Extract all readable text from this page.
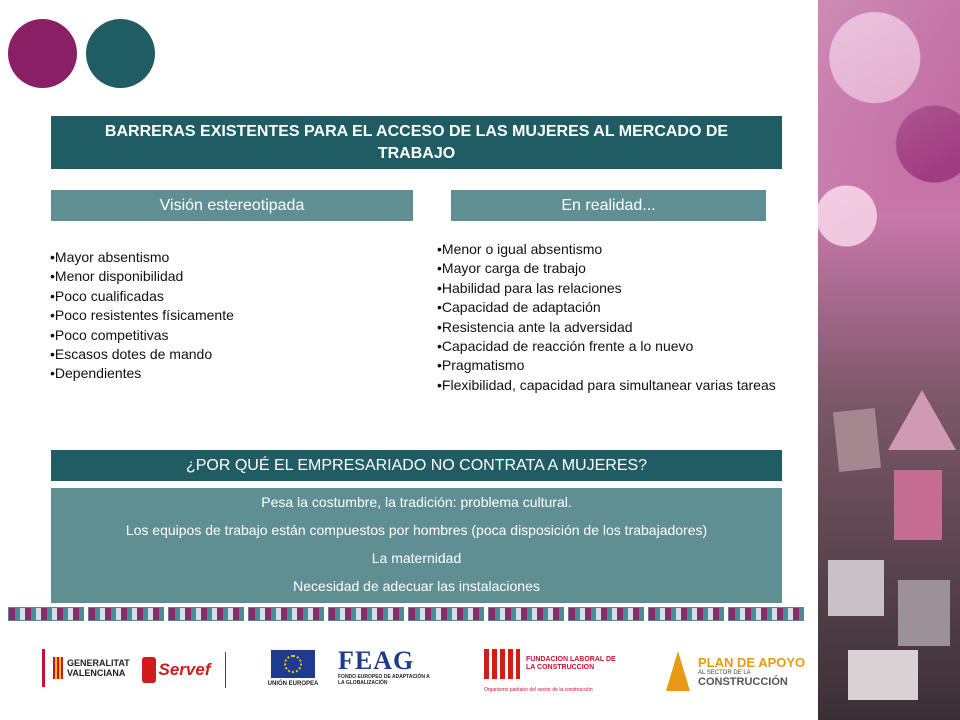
BARRERAS EXISTENTES PARA EL ACCESO DE LAS MUJERES AL MERCADO DE TRABAJO
Visión estereotipada	En realidad...
• Mayor absentismo
• Menor disponibilidad
• Poco cualificadas
• Poco resistentes físicamente
• Poco competitivas
• Escasos dotes de mando
• Dependientes
• Menor o igual absentismo
• Mayor carga de trabajo
• Habilidad para las relaciones
• Capacidad de adaptación
• Resistencia ante la adversidad
• Capacidad de reacción frente a lo nuevo
• Pragmatismo
• Flexibilidad, capacidad para simultanear varias tareas
¿POR QUÉ EL EMPRESARIADO NO CONTRATA A MUJERES?

Pesa la costumbre, la tradición: problema cultural.

Los equipos de trabajo están compuestos por hombres (poca disposición de los trabajadores)

La maternidad

Necesidad de adecuar las instalaciones

GENERALITAT VALENCIANA Servef
UNIÓN EUROPEA
FEAG
FONDO EUROPEO DE ADAPTACIÓN A LA GLOBALIZACIÓN
FUNDACION LABORAL DE LA CONSTRUCCION
Organismo paritario del sector de la construcción
PLAN DE APOYO
AL SECTOR DE LA
CONSTRUCCIÓN
